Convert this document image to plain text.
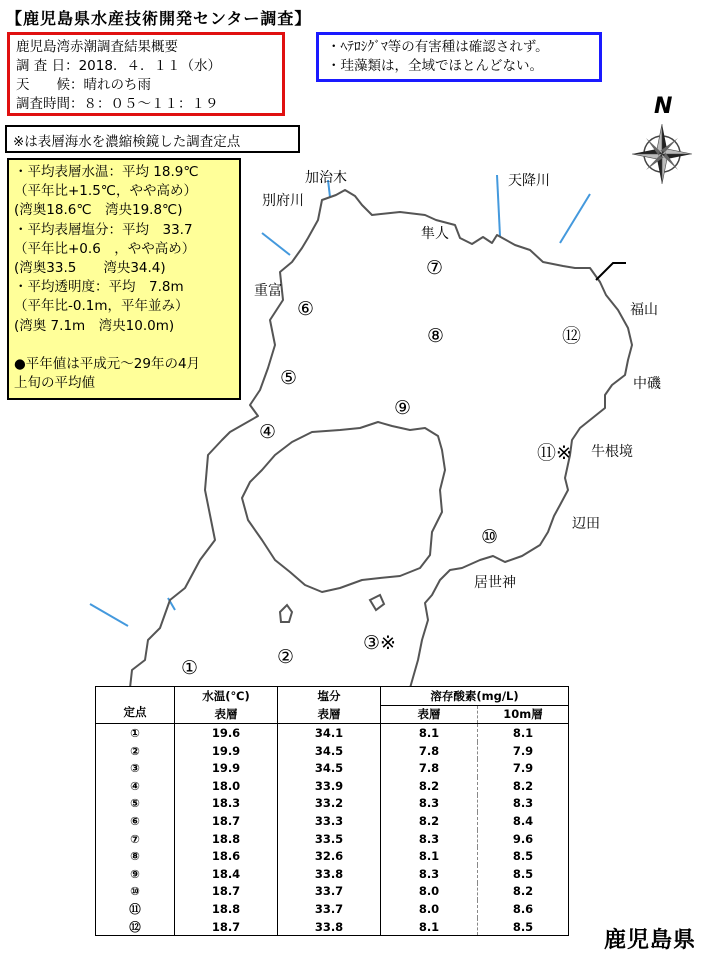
【鹿児島県水産技術開発センター調査】
N
鹿児島湾赤潮調査結果概要
調 査 日：2018．４．１１（水）
天　　候：晴れのち雨
調査時間：８：０５～１１：１９
・ﾍﾃﾛｼｸﾞﾏ等の有害種は確認されず。
・珪藻類は，全域でほとんどない。
※は表層海水を濃縮検鏡した調査定点
・平均表層水温：平均 18.9℃
（平年比+1.5℃，やや高め）
(湾奥18.6℃　湾央19.8℃)
・平均表層塩分：平均　33.7
（平年比+0.6　，やや高め）
(湾奥33.5　　湾央34.4)
・平均透明度：平均　7.8m
（平年比-0.1m，平年並み）
(湾奥 7.1m　湾央10.0m)

●平年値は平成元～29年の4月
上旬の平均値
加治木	天降川
別府川
隼人
重富
福山
中磯
牛根境
辺田
居世神
⑦
⑥
⑧	⑫
⑤
⑨
④
⑪※
⑩
③※
②
①
定点	水温(℃)	塩分	溶存酸素(mg/L)	
	表層	表層	表層	10m層
①	19.6	34.1	8.1	8.1
②	19.9	34.5	7.8	7.9
③	19.9	34.5	7.8	7.9
④	18.0	33.9	8.2	8.2
⑤	18.3	33.2	8.3	8.3
⑥	18.7	33.3	8.2	8.4
⑦	18.8	33.5	8.3	9.6
⑧	18.6	32.6	8.1	8.5
⑨	18.4	33.8	8.3	8.5
⑩	18.7	33.7	8.0	8.2
⑪	18.8	33.7	8.0	8.6
⑫	18.7	33.8	8.1	8.5
鹿児島県
